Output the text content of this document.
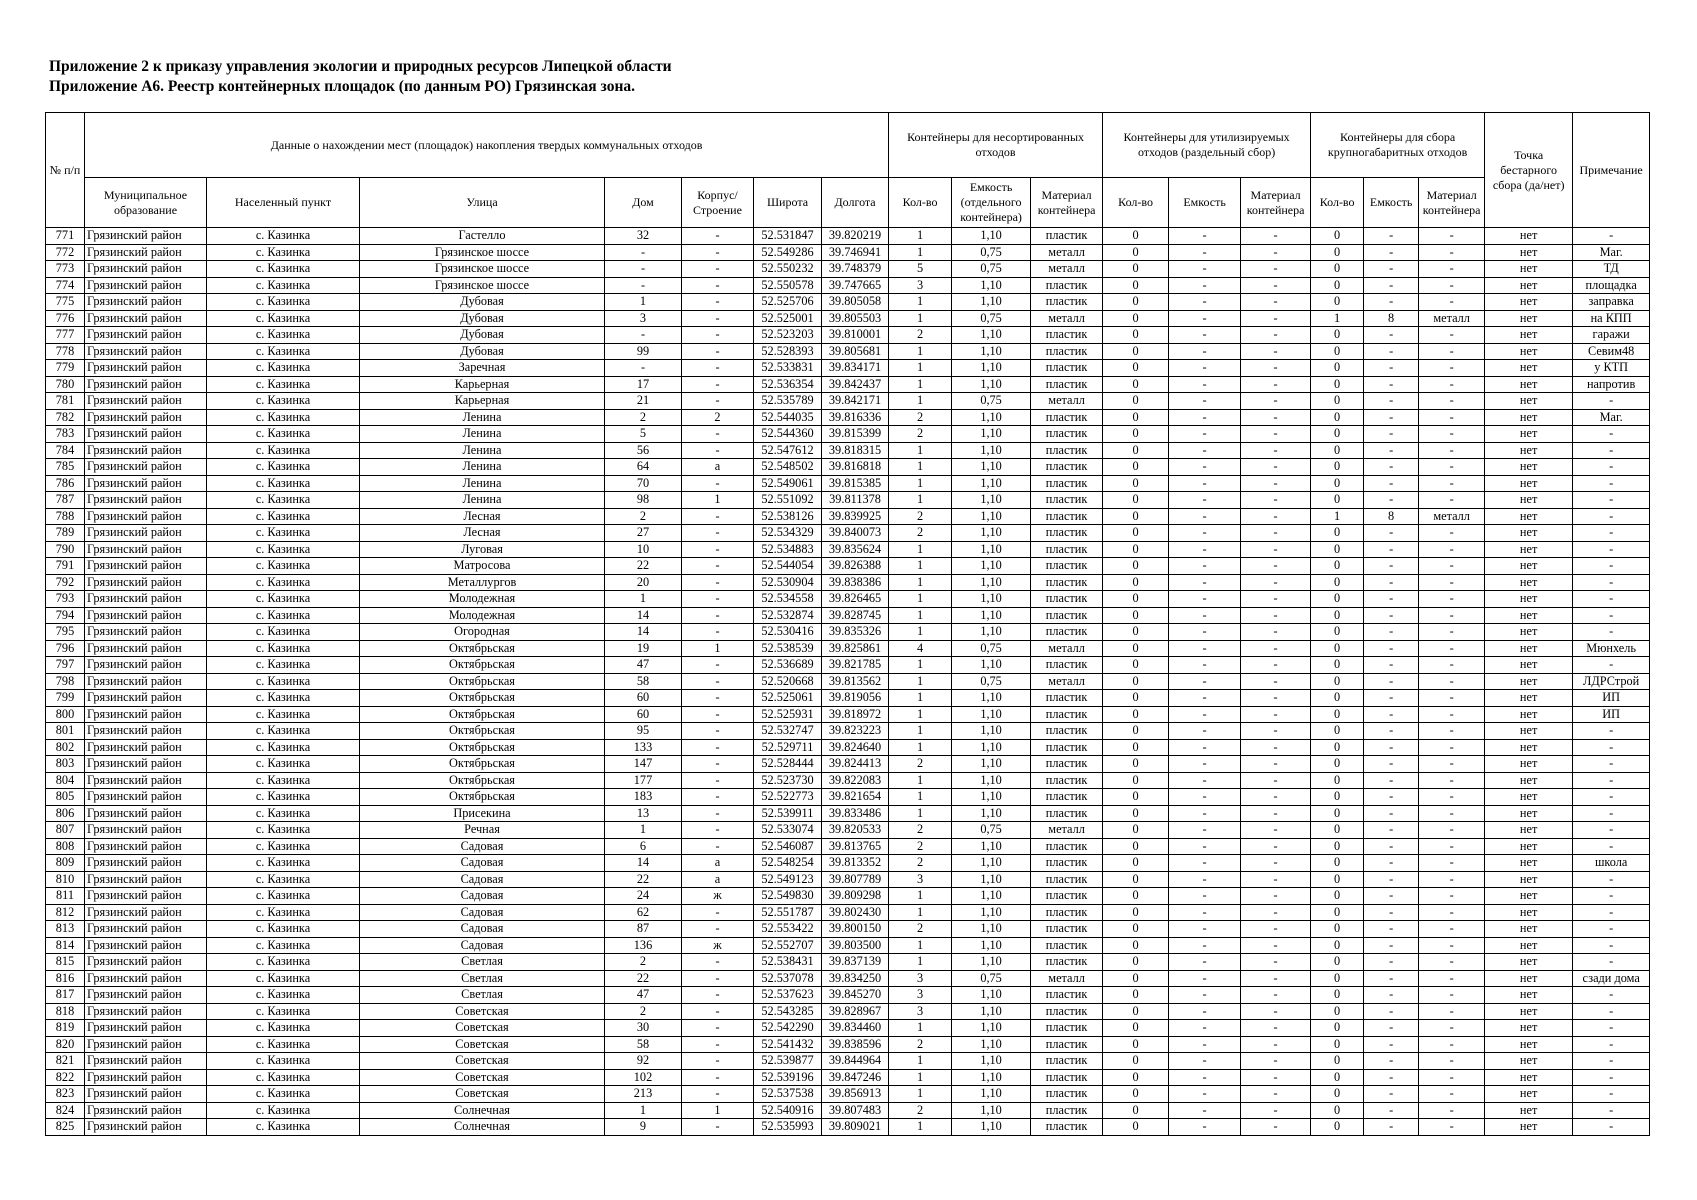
Приложение 2 к приказу управления экологии и природных ресурсов Липецкой области
Приложение А6. Реестр контейнерных площадок (по данным РО) Грязинская зона.
№ п/п	Данные о нахождении мест (площадок) накопления твердых коммунальных отходов							Контейнеры для несортированных отходов			Контейнеры для утилизируемых отходов (раздельный сбор)			Контейнеры для сбора крупногабаритных отходов			Точка бестарного сбора (да/нет)	Примечание
	Муниципальное образование	Населенный пункт	Улица	Дом	Корпус/ Строение	Широта	Долгота	Кол-во	Емкость (отдельного контейнера)	Материал контейнера	Кол-во	Емкость	Материал контейнера	Кол-во	Емкость	Материал контейнера		
771	Грязинский район	с. Казинка	Гастелло	32	-	52.531847	39.820219	1	1,10	пластик	0	-	-	0	-	-	нет	-
772	Грязинский район	с. Казинка	Грязинское шоссе	-	-	52.549286	39.746941	1	0,75	металл	0	-	-	0	-	-	нет	Маг.
773	Грязинский район	с. Казинка	Грязинское шоссе	-	-	52.550232	39.748379	5	0,75	металл	0	-	-	0	-	-	нет	ТД
774	Грязинский район	с. Казинка	Грязинское шоссе	-	-	52.550578	39.747665	3	1,10	пластик	0	-	-	0	-	-	нет	площадка
775	Грязинский район	с. Казинка	Дубовая	1	-	52.525706	39.805058	1	1,10	пластик	0	-	-	0	-	-	нет	заправка
776	Грязинский район	с. Казинка	Дубовая	3	-	52.525001	39.805503	1	0,75	металл	0	-	-	1	8	металл	нет	на КПП
777	Грязинский район	с. Казинка	Дубовая	-	-	52.523203	39.810001	2	1,10	пластик	0	-	-	0	-	-	нет	гаражи
778	Грязинский район	с. Казинка	Дубовая	99	-	52.528393	39.805681	1	1,10	пластик	0	-	-	0	-	-	нет	Севим48
779	Грязинский район	с. Казинка	Заречная	-	-	52.533831	39.834171	1	1,10	пластик	0	-	-	0	-	-	нет	у КТП
780	Грязинский район	с. Казинка	Карьерная	17	-	52.536354	39.842437	1	1,10	пластик	0	-	-	0	-	-	нет	напротив
781	Грязинский район	с. Казинка	Карьерная	21	-	52.535789	39.842171	1	0,75	металл	0	-	-	0	-	-	нет	-
782	Грязинский район	с. Казинка	Ленина	2	2	52.544035	39.816336	2	1,10	пластик	0	-	-	0	-	-	нет	Маг.
783	Грязинский район	с. Казинка	Ленина	5	-	52.544360	39.815399	2	1,10	пластик	0	-	-	0	-	-	нет	-
784	Грязинский район	с. Казинка	Ленина	56	-	52.547612	39.818315	1	1,10	пластик	0	-	-	0	-	-	нет	-
785	Грязинский район	с. Казинка	Ленина	64	а	52.548502	39.816818	1	1,10	пластик	0	-	-	0	-	-	нет	-
786	Грязинский район	с. Казинка	Ленина	70	-	52.549061	39.815385	1	1,10	пластик	0	-	-	0	-	-	нет	-
787	Грязинский район	с. Казинка	Ленина	98	1	52.551092	39.811378	1	1,10	пластик	0	-	-	0	-	-	нет	-
788	Грязинский район	с. Казинка	Лесная	2	-	52.538126	39.839925	2	1,10	пластик	0	-	-	1	8	металл	нет	-
789	Грязинский район	с. Казинка	Лесная	27	-	52.534329	39.840073	2	1,10	пластик	0	-	-	0	-	-	нет	-
790	Грязинский район	с. Казинка	Луговая	10	-	52.534883	39.835624	1	1,10	пластик	0	-	-	0	-	-	нет	-
791	Грязинский район	с. Казинка	Матросова	22	-	52.544054	39.826388	1	1,10	пластик	0	-	-	0	-	-	нет	-
792	Грязинский район	с. Казинка	Металлургов	20	-	52.530904	39.838386	1	1,10	пластик	0	-	-	0	-	-	нет	-
793	Грязинский район	с. Казинка	Молодежная	1	-	52.534558	39.826465	1	1,10	пластик	0	-	-	0	-	-	нет	-
794	Грязинский район	с. Казинка	Молодежная	14	-	52.532874	39.828745	1	1,10	пластик	0	-	-	0	-	-	нет	-
795	Грязинский район	с. Казинка	Огородная	14	-	52.530416	39.835326	1	1,10	пластик	0	-	-	0	-	-	нет	-
796	Грязинский район	с. Казинка	Октябрьская	19	1	52.538539	39.825861	4	0,75	металл	0	-	-	0	-	-	нет	Мюнхель
797	Грязинский район	с. Казинка	Октябрьская	47	-	52.536689	39.821785	1	1,10	пластик	0	-	-	0	-	-	нет	-
798	Грязинский район	с. Казинка	Октябрьская	58	-	52.520668	39.813562	1	0,75	металл	0	-	-	0	-	-	нет	ЛДРСтрой
799	Грязинский район	с. Казинка	Октябрьская	60	-	52.525061	39.819056	1	1,10	пластик	0	-	-	0	-	-	нет	ИП
800	Грязинский район	с. Казинка	Октябрьская	60	-	52.525931	39.818972	1	1,10	пластик	0	-	-	0	-	-	нет	ИП
801	Грязинский район	с. Казинка	Октябрьская	95	-	52.532747	39.823223	1	1,10	пластик	0	-	-	0	-	-	нет	-
802	Грязинский район	с. Казинка	Октябрьская	133	-	52.529711	39.824640	1	1,10	пластик	0	-	-	0	-	-	нет	-
803	Грязинский район	с. Казинка	Октябрьская	147	-	52.528444	39.824413	2	1,10	пластик	0	-	-	0	-	-	нет	-
804	Грязинский район	с. Казинка	Октябрьская	177	-	52.523730	39.822083	1	1,10	пластик	0	-	-	0	-	-	нет	-
805	Грязинский район	с. Казинка	Октябрьская	183	-	52.522773	39.821654	1	1,10	пластик	0	-	-	0	-	-	нет	-
806	Грязинский район	с. Казинка	Присекина	13	-	52.539911	39.833486	1	1,10	пластик	0	-	-	0	-	-	нет	-
807	Грязинский район	с. Казинка	Речная	1	-	52.533074	39.820533	2	0,75	металл	0	-	-	0	-	-	нет	-
808	Грязинский район	с. Казинка	Садовая	6	-	52.546087	39.813765	2	1,10	пластик	0	-	-	0	-	-	нет	-
809	Грязинский район	с. Казинка	Садовая	14	а	52.548254	39.813352	2	1,10	пластик	0	-	-	0	-	-	нет	школа
810	Грязинский район	с. Казинка	Садовая	22	а	52.549123	39.807789	3	1,10	пластик	0	-	-	0	-	-	нет	-
811	Грязинский район	с. Казинка	Садовая	24	ж	52.549830	39.809298	1	1,10	пластик	0	-	-	0	-	-	нет	-
812	Грязинский район	с. Казинка	Садовая	62	-	52.551787	39.802430	1	1,10	пластик	0	-	-	0	-	-	нет	-
813	Грязинский район	с. Казинка	Садовая	87	-	52.553422	39.800150	2	1,10	пластик	0	-	-	0	-	-	нет	-
814	Грязинский район	с. Казинка	Садовая	136	ж	52.552707	39.803500	1	1,10	пластик	0	-	-	0	-	-	нет	-
815	Грязинский район	с. Казинка	Светлая	2	-	52.538431	39.837139	1	1,10	пластик	0	-	-	0	-	-	нет	-
816	Грязинский район	с. Казинка	Светлая	22	-	52.537078	39.834250	3	0,75	металл	0	-	-	0	-	-	нет	сзади дома
817	Грязинский район	с. Казинка	Светлая	47	-	52.537623	39.845270	3	1,10	пластик	0	-	-	0	-	-	нет	-
818	Грязинский район	с. Казинка	Советская	2	-	52.543285	39.828967	3	1,10	пластик	0	-	-	0	-	-	нет	-
819	Грязинский район	с. Казинка	Советская	30	-	52.542290	39.834460	1	1,10	пластик	0	-	-	0	-	-	нет	-
820	Грязинский район	с. Казинка	Советская	58	-	52.541432	39.838596	2	1,10	пластик	0	-	-	0	-	-	нет	-
821	Грязинский район	с. Казинка	Советская	92	-	52.539877	39.844964	1	1,10	пластик	0	-	-	0	-	-	нет	-
822	Грязинский район	с. Казинка	Советская	102	-	52.539196	39.847246	1	1,10	пластик	0	-	-	0	-	-	нет	-
823	Грязинский район	с. Казинка	Советская	213	-	52.537538	39.856913	1	1,10	пластик	0	-	-	0	-	-	нет	-
824	Грязинский район	с. Казинка	Солнечная	1	1	52.540916	39.807483	2	1,10	пластик	0	-	-	0	-	-	нет	-
825	Грязинский район	с. Казинка	Солнечная	9	-	52.535993	39.809021	1	1,10	пластик	0	-	-	0	-	-	нет	-
